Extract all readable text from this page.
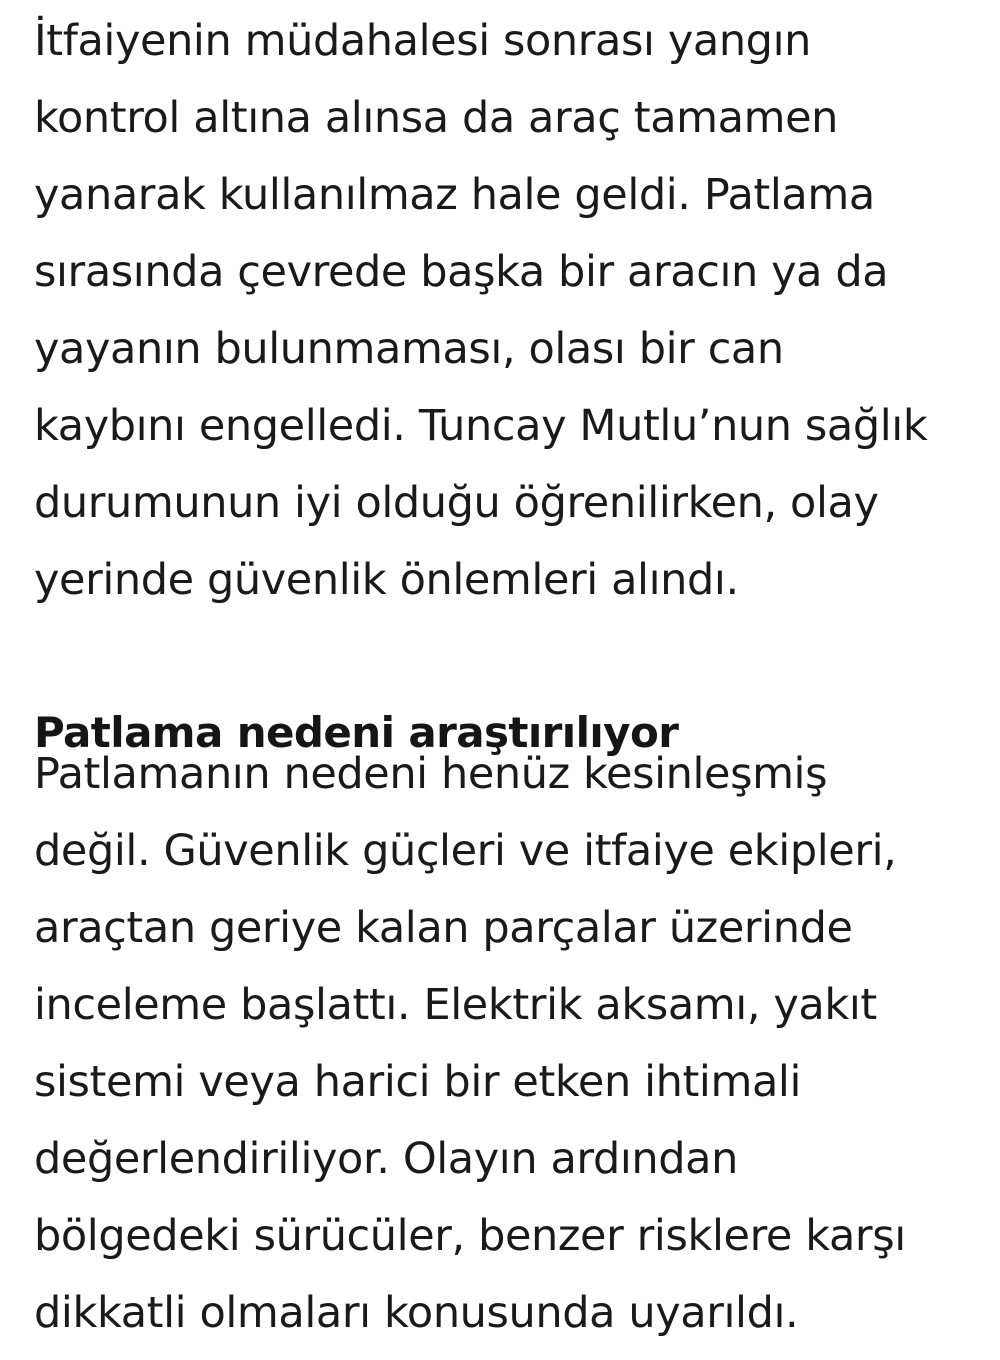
İtfaiyenin müdahalesi sonrası yangın
kontrol altına alınsa da araç tamamen
yanarak kullanılmaz hale geldi. Patlama
sırasında çevrede başka bir aracın ya da
yayanın bulunmaması, olası bir can
kaybını engelledi. Tuncay Mutlu’nun sağlık
durumunun iyi olduğu öğrenilirken, olay
yerinde güvenlik önlemleri alındı.
Patlama nedeni araştırılıyor
Patlamanın nedeni henüz kesinleşmiş
değil. Güvenlik güçleri ve itfaiye ekipleri,
araçtan geriye kalan parçalar üzerinde
inceleme başlattı. Elektrik aksamı, yakıt
sistemi veya harici bir etken ihtimali
değerlendiriliyor. Olayın ardından
bölgedeki sürücüler, benzer risklere karşı
dikkatli olmaları konusunda uyarıldı.
